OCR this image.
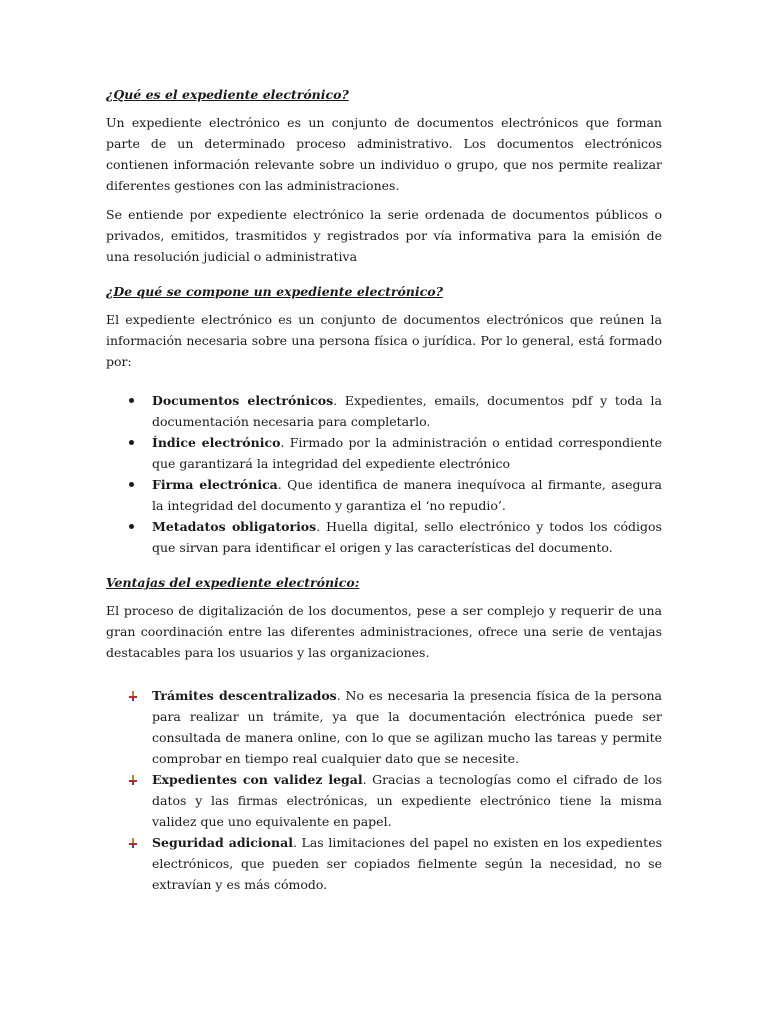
¿Qué es el expediente electrónico?

Un expediente electrónico es un conjunto de documentos electrónicos que forman parte de un determinado proceso administrativo. Los documentos electrónicos contienen información relevante sobre un individuo o grupo, que nos permite realizar diferentes gestiones con las administraciones.

Se entiende por expediente electrónico la serie ordenada de documentos públicos o privados, emitidos, trasmitidos y registrados por vía informativa para la emisión de una resolución judicial o administrativa

¿De qué se compone un expediente electrónico?

El expediente electrónico es un conjunto de documentos electrónicos que reúnen la información necesaria sobre una persona física o jurídica. Por lo general, está formado por:

Documentos electrónicos. Expedientes, emails, documentos pdf y toda la documentación necesaria para completarlo.
Índice electrónico. Firmado por la administración o entidad correspondiente que garantizará la integridad del expediente electrónico
Firma electrónica. Que identifica de manera inequívoca al firmante, asegura la integridad del documento y garantiza el ‘no repudio’.
Metadatos obligatorios. Huella digital, sello electrónico y todos los códigos que sirvan para identificar el origen y las características del documento.
Ventajas del expediente electrónico:

El proceso de digitalización de los documentos, pese a ser complejo y requerir de una gran coordinación entre las diferentes administraciones, ofrece una serie de ventajas destacables para los usuarios y las organizaciones.

Trámites descentralizados. No es necesaria la presencia física de la persona para realizar un trámite, ya que la documentación electrónica puede ser consultada de manera online, con lo que se agilizan mucho las tareas y permite comprobar en tiempo real cualquier dato que se necesite.
Expedientes con validez legal. Gracias a tecnologías como el cifrado de los datos y las firmas electrónicas, un expediente electrónico tiene la misma validez que uno equivalente en papel.
Seguridad adicional. Las limitaciones del papel no existen en los expedientes electrónicos, que pueden ser copiados fielmente según la necesidad, no se extravían y es más cómodo.
